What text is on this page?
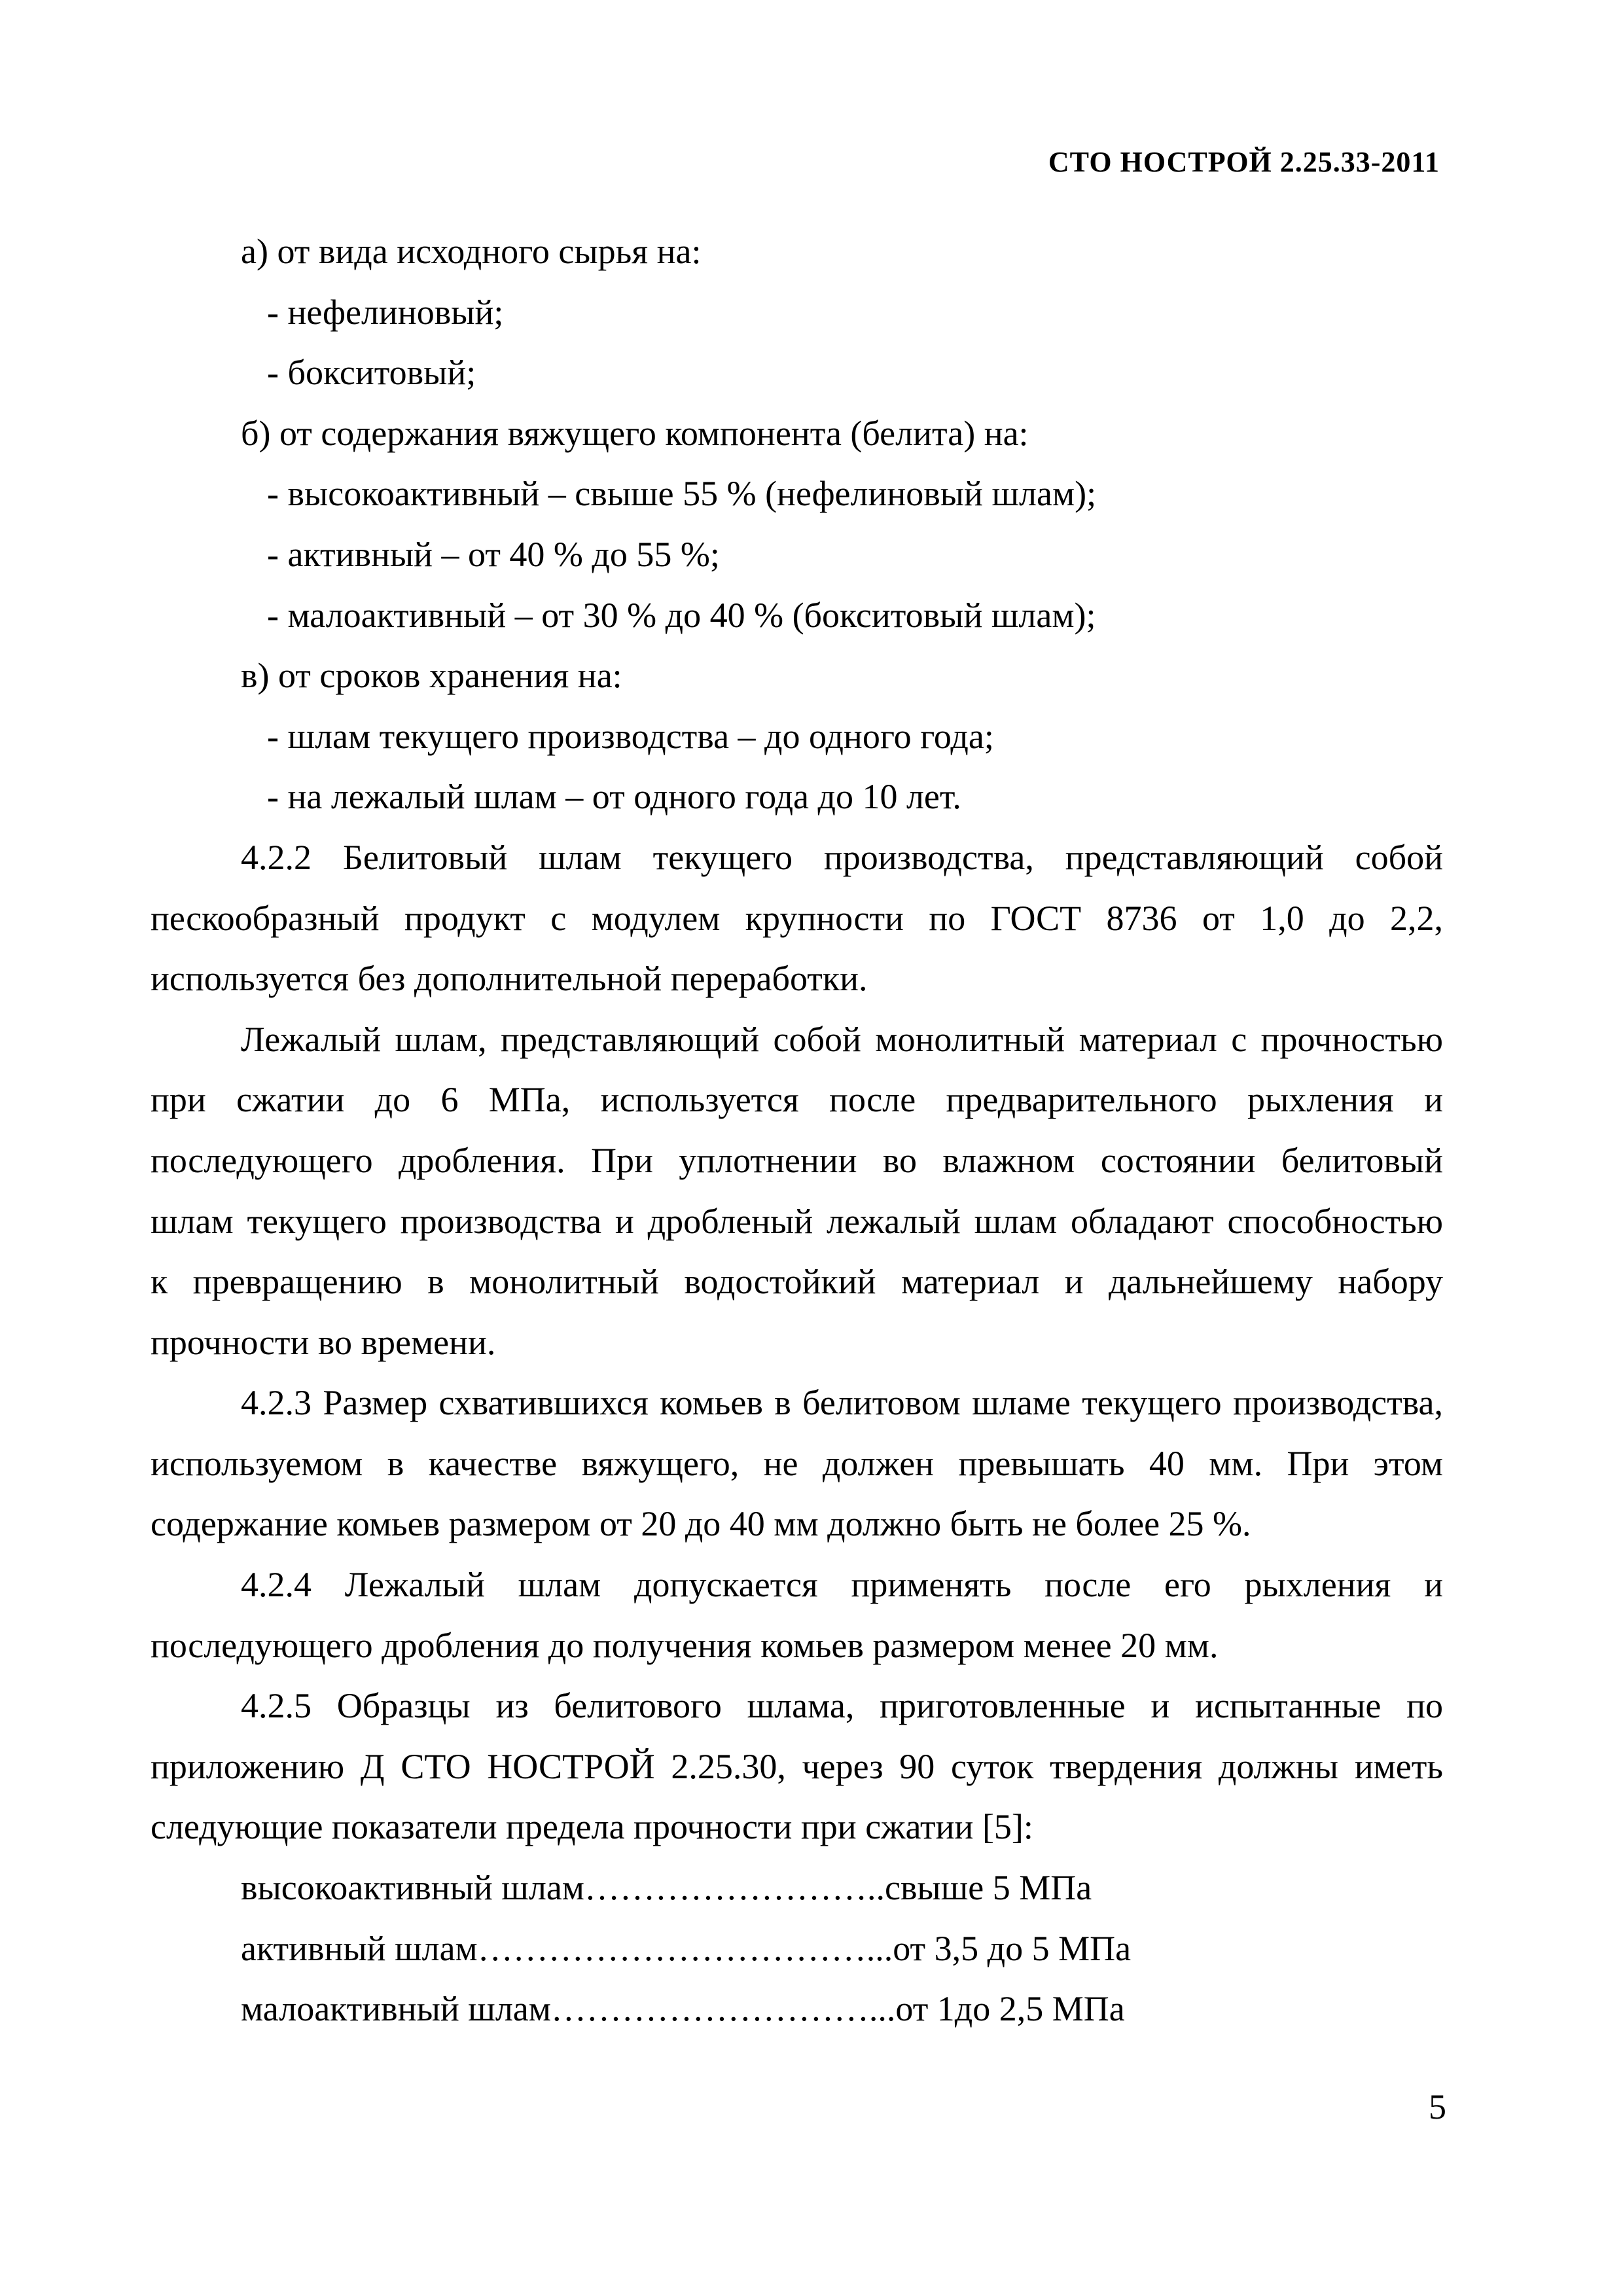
СТО НОСТРОЙ 2.25.33-2011
а) от вида исходного сырья на:
- нефелиновый;
- бокситовый;
б) от содержания вяжущего компонента (белита) на:
- высокоактивный – свыше 55 % (нефелиновый шлам);
- активный – от 40 % до 55 %;
- малоактивный – от 30 % до 40 % (бокситовый шлам);
в) от сроков хранения на:
- шлам текущего производства – до одного года;
- на лежалый шлам – от одного года до 10 лет.
4.2.2 Белитовый шлам текущего производства, представляющий собой
пескообразный продукт с модулем крупности по ГОСТ 8736 от 1,0 до 2,2,
используется без дополнительной переработки.
Лежалый шлам, представляющий собой монолитный материал с прочностью
при сжатии до 6 МПа, используется после предварительного рыхления и
последующего дробления. При уплотнении во влажном состоянии белитовый
шлам текущего производства и дробленый лежалый шлам обладают способностью
к превращению в монолитный водостойкий материал и дальнейшему набору
прочности во времени.
4.2.3 Размер схватившихся комьев в белитовом шламе текущего производства,
используемом в качестве вяжущего, не должен превышать 40 мм. При этом
содержание комьев размером от 20 до 40 мм должно быть не более 25 %.
4.2.4 Лежалый шлам допускается применять после его рыхления и
последующего дробления до получения комьев размером менее 20 мм.
4.2.5 Образцы из белитового шлама, приготовленные и испытанные по
приложению Д СТО НОСТРОЙ 2.25.30, через 90 суток твердения должны иметь
следующие показатели предела прочности при сжатии [5]:
высокоактивный шлам……………………..свыше 5 МПа
активный шлам……………………………...от 3,5 до 5 МПа
малоактивный шлам………………………...от 1до 2,5 МПа
5
